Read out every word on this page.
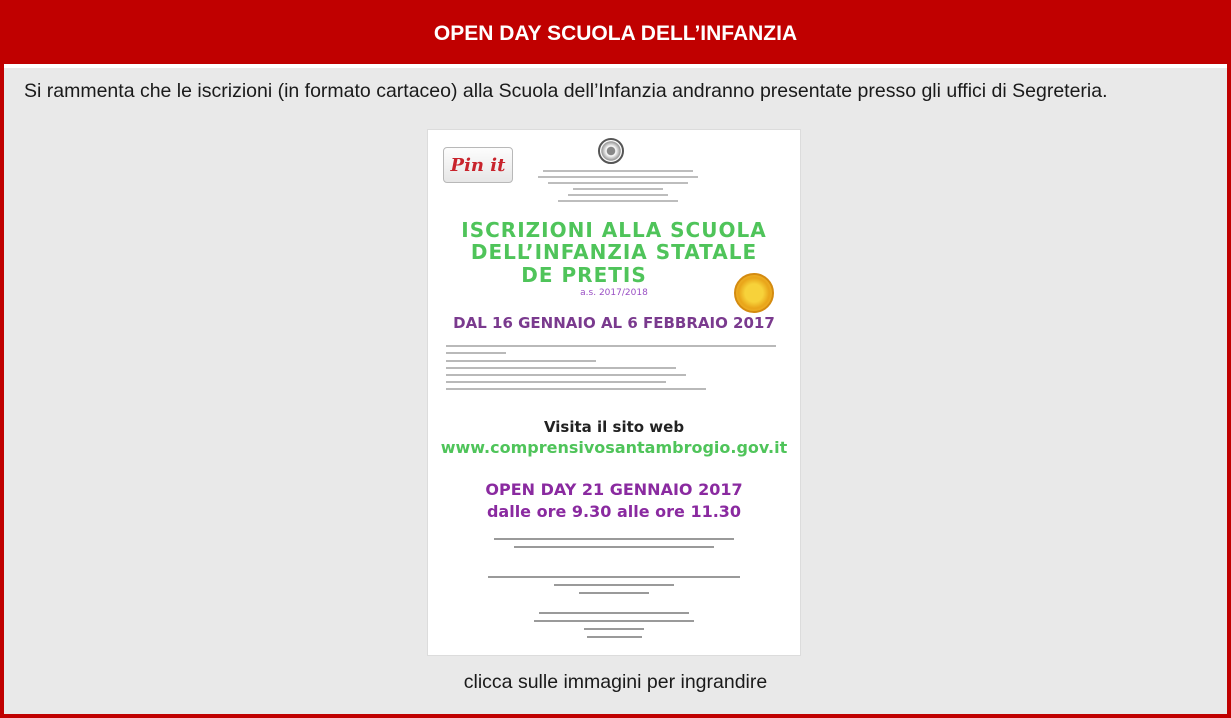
OPEN DAY SCUOLA DELL’INFANZIA
Si rammenta che le iscrizioni (in formato cartaceo) alla Scuola dell’Infanzia andranno presentate presso gli uffici di Segreteria.
Pin it
ISCRIZIONI ALLA SCUOLA
DELL’INFANZIA STATALE
DE PRETIS
a.s. 2017/2018
DAL 16 GENNAIO AL 6 FEBBRAIO 2017
Visita il sito web
www.comprensivosantambrogio.gov.it
OPEN DAY 21 GENNAIO 2017
dalle ore 9.30 alle ore 11.30
clicca sulle immagini per ingrandire
